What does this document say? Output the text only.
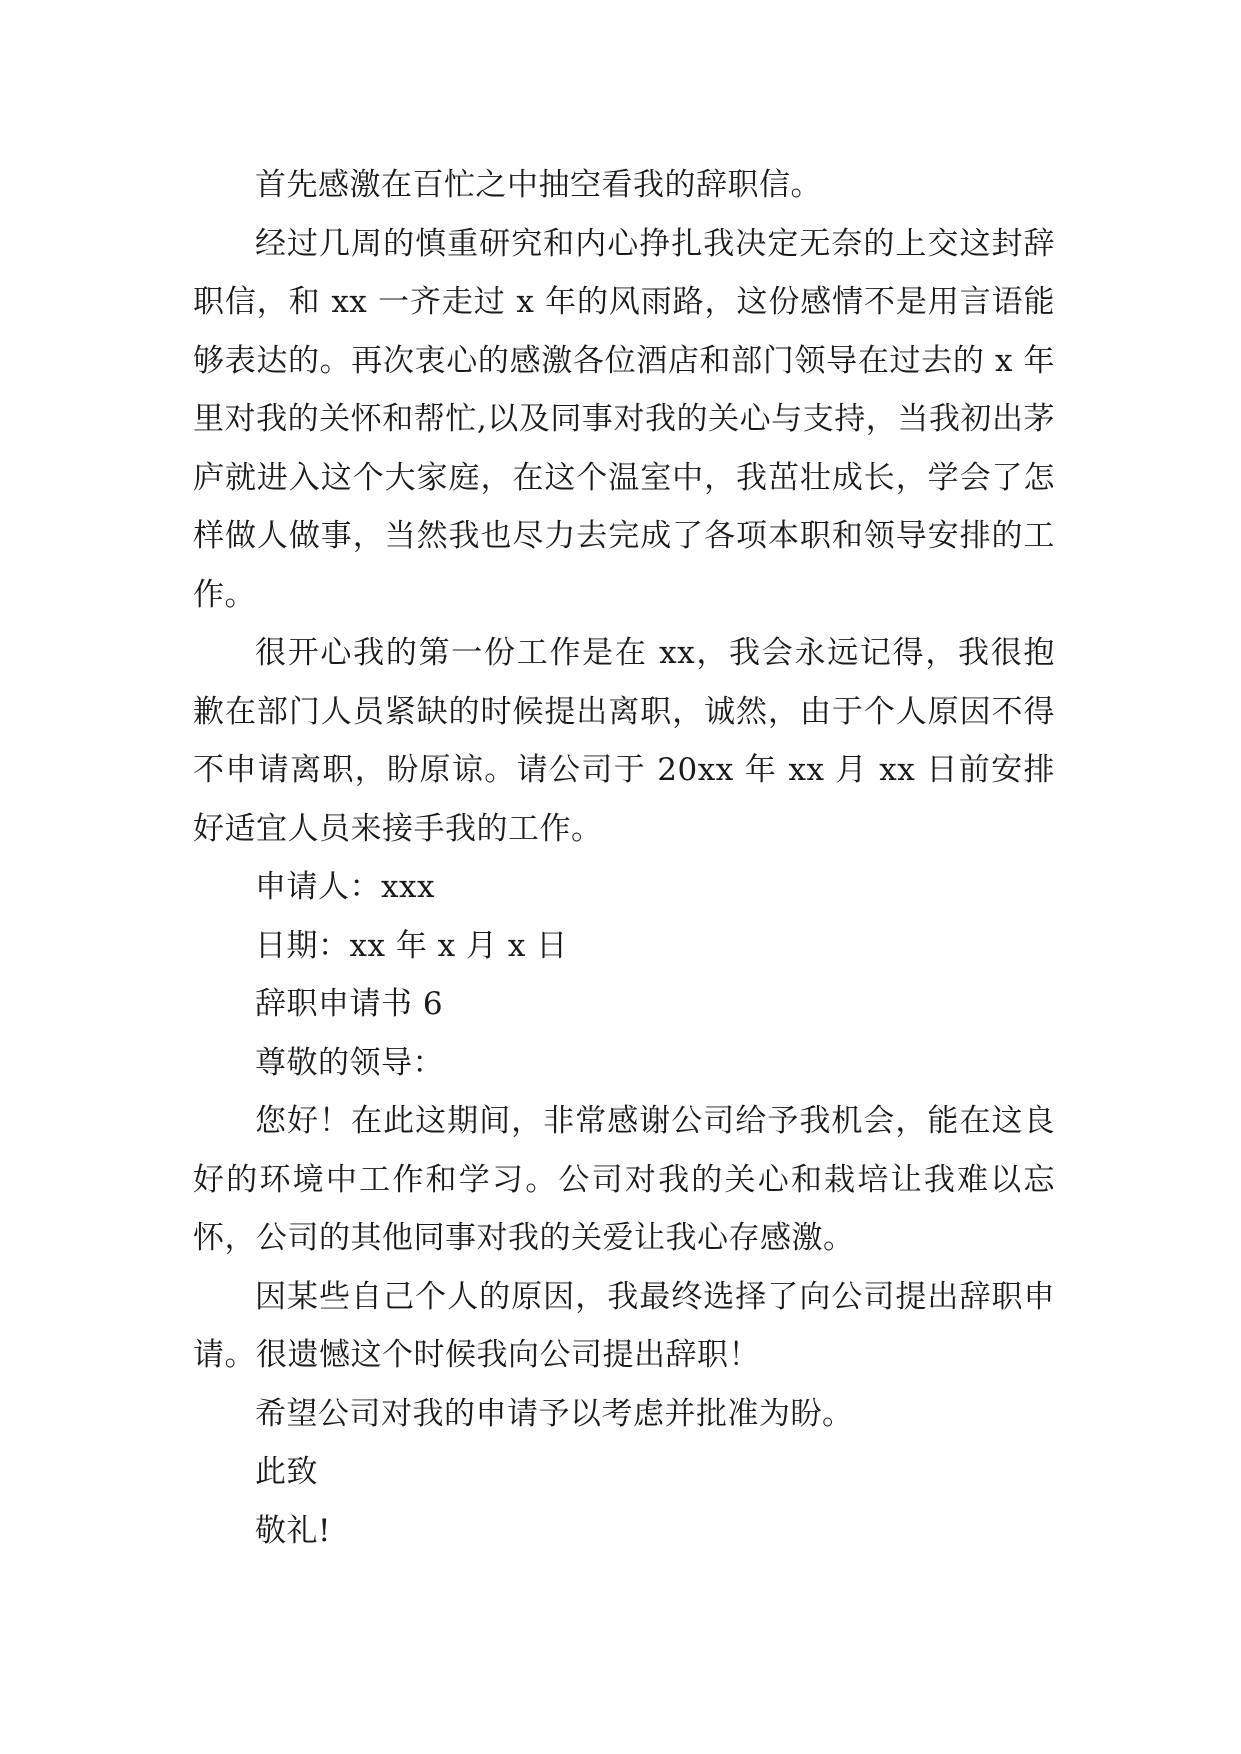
首先感激在百忙之中抽空看我的辞职信。

经过几周的慎重研究和内心挣扎我决定无奈的上交这封辞职信，和 xx 一齐走过 x 年的风雨路，这份感情不是用言语能够表达的。再次衷心的感激各位酒店和部门领导在过去的 x 年里对我的关怀和帮忙,以及同事对我的关心与支持，当我初出茅庐就进入这个大家庭，在这个温室中，我茁壮成长，学会了怎样做人做事，当然我也尽力去完成了各项本职和领导安排的工作。

很开心我的第一份工作是在 xx，我会永远记得，我很抱歉在部门人员紧缺的时候提出离职，诚然，由于个人原因不得不申请离职，盼原谅。请公司于 20xx 年 xx 月 xx 日前安排好适宜人员来接手我的工作。

申请人：xxx

日期：xx 年 x 月 x 日

辞职申请书 6

尊敬的领导：

您好！在此这期间，非常感谢公司给予我机会，能在这良好的环境中工作和学习。公司对我的关心和栽培让我难以忘怀，公司的其他同事对我的关爱让我心存感激。

因某些自己个人的原因，我最终选择了向公司提出辞职申请。很遗憾这个时候我向公司提出辞职！

希望公司对我的申请予以考虑并批准为盼。

此致

敬礼!
